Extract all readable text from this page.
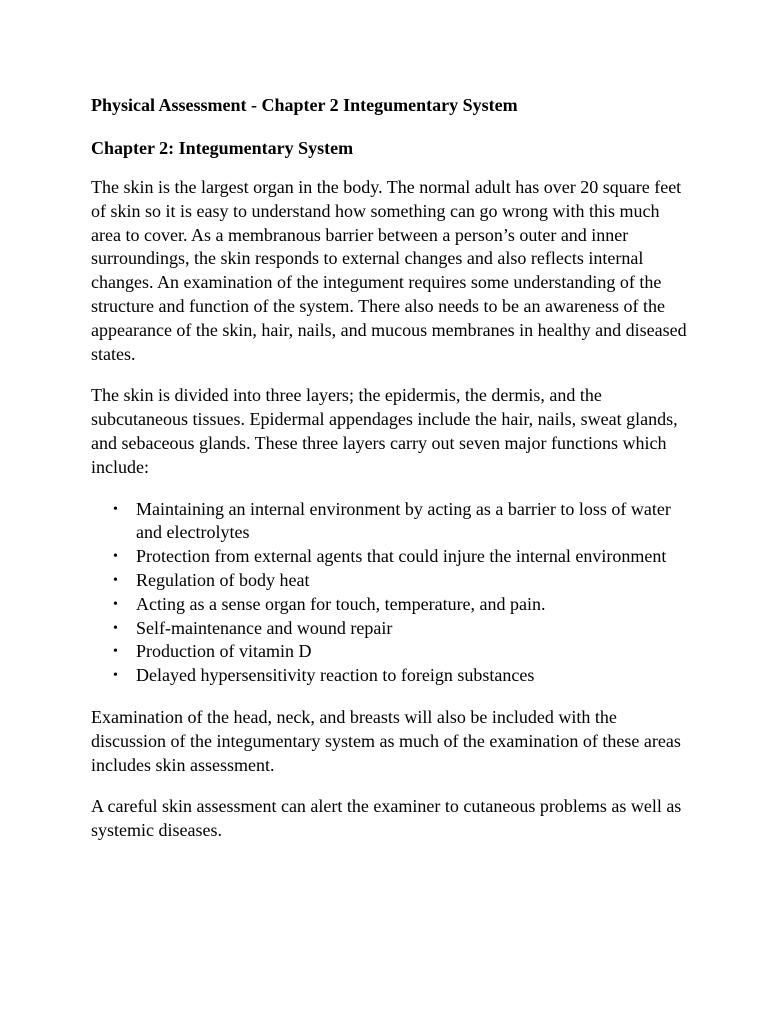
Physical Assessment - Chapter 2 Integumentary System

Chapter 2: Integumentary System

The skin is the largest organ in the body. The normal adult has over 20 square feet of skin so it is easy to understand how something can go wrong with this much area to cover. As a membranous barrier between a person’s outer and inner surroundings, the skin responds to external changes and also reflects internal changes. An examination of the integument requires some understanding of the structure and function of the system. There also needs to be an awareness of the appearance of the skin, hair, nails, and mucous membranes in healthy and diseased states.

The skin is divided into three layers; the epidermis, the dermis, and the subcutaneous tissues. Epidermal appendages include the hair, nails, sweat glands, and sebaceous glands. These three layers carry out seven major functions which include:

• Maintaining an internal environment by acting as a barrier to loss of water and electrolytes
• Protection from external agents that could injure the internal environment
• Regulation of body heat
• Acting as a sense organ for touch, temperature, and pain.
• Self-maintenance and wound repair
• Production of vitamin D
• Delayed hypersensitivity reaction to foreign substances

Examination of the head, neck, and breasts will also be included with the discussion of the integumentary system as much of the examination of these areas includes skin assessment.

A careful skin assessment can alert the examiner to cutaneous problems as well as systemic diseases.
